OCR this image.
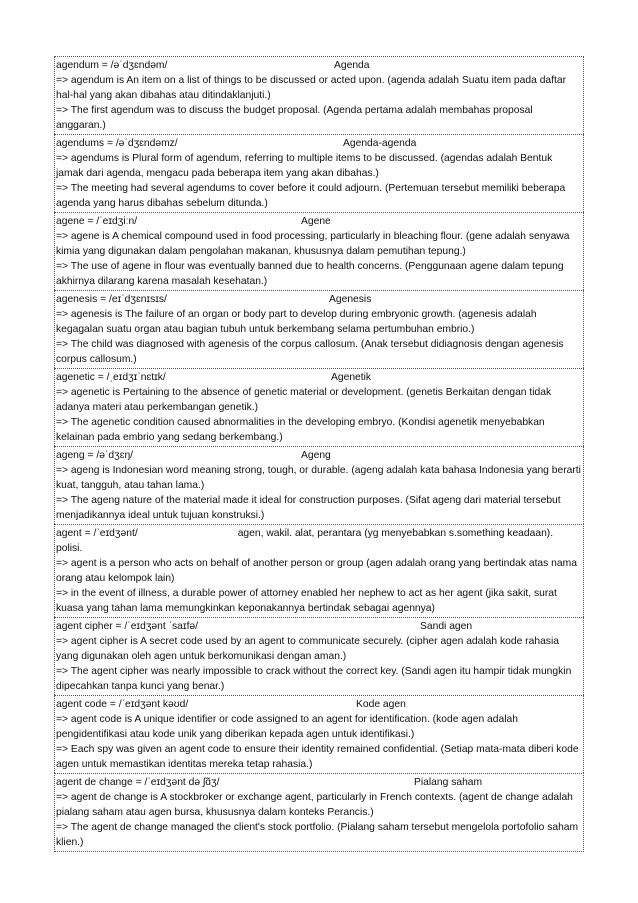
agendum = /əˈdʒɛndəm/	Agenda
=> agendum is An item on a list of things to be discussed or acted upon. (agenda adalah Suatu item pada daftar hal-hal yang akan dibahas atau ditindaklanjuti.)
=> The first agendum was to discuss the budget proposal. (Agenda pertama adalah membahas proposal anggaran.)
agendums = /əˈdʒɛndəmz/	Agenda-agenda
=> agendums is Plural form of agendum, referring to multiple items to be discussed. (agendas adalah Bentuk jamak dari agenda, mengacu pada beberapa item yang akan dibahas.)
=> The meeting had several agendums to cover before it could adjourn. (Pertemuan tersebut memiliki beberapa agenda yang harus dibahas sebelum ditunda.)
agene = /ˈeɪdʒiːn/	Agene
=> agene is A chemical compound used in food processing, particularly in bleaching flour. (gene adalah senyawa kimia yang digunakan dalam pengolahan makanan, khususnya dalam pemutihan tepung.)
=> The use of agene in flour was eventually banned due to health concerns. (Penggunaan agene dalam tepung akhirnya dilarang karena masalah kesehatan.)
agenesis = /eɪˈdʒɛnɪsɪs/	Agenesis
=> agenesis is The failure of an organ or body part to develop during embryonic growth. (agenesis adalah kegagalan suatu organ atau bagian tubuh untuk berkembang selama pertumbuhan embrio.)
=> The child was diagnosed with agenesis of the corpus callosum. (Anak tersebut didiagnosis dengan agenesis corpus callosum.)
agenetic = /ˌeɪdʒɪˈnɛtɪk/	Agenetik
=> agenetic is Pertaining to the absence of genetic material or development. (genetis Berkaitan dengan tidak adanya materi atau perkembangan genetik.)
=> The agenetic condition caused abnormalities in the developing embryo. (Kondisi agenetik menyebabkan kelainan pada embrio yang sedang berkembang.)
ageng = /əˈdʒɛŋ/	Ageng
=> ageng is Indonesian word meaning strong, tough, or durable. (ageng adalah kata bahasa Indonesia yang berarti kuat, tangguh, atau tahan lama.)
=> The ageng nature of the material made it ideal for construction purposes. (Sifat ageng dari material tersebut menjadikannya ideal untuk tujuan konstruksi.)
agent = /ˈeɪdʒənt/	agen, wakil. alat, perantara (yg menyebabkan s.something keadaan). polisi.
=> agent is a person who acts on behalf of another person or group (agen adalah orang yang bertindak atas nama orang atau kelompok lain)
=> in the event of illness, a durable power of attorney enabled her nephew to act as her agent (jika sakit, surat
kuasa yang tahan lama memungkinkan keponakannya bertindak sebagai agennya)
agent cipher = /ˈeɪdʒənt ˈsaɪfə/	Sandi agen
=> agent cipher is A secret code used by an agent to communicate securely. (cipher agen adalah kode rahasia yang digunakan oleh agen untuk berkomunikasi dengan aman.)
=> The agent cipher was nearly impossible to crack without the correct key. (Sandi agen itu hampir tidak mungkin dipecahkan tanpa kunci yang benar.)
agent code = /ˈeɪdʒənt kəʊd/	Kode agen
=> agent code is A unique identifier or code assigned to an agent for identification. (kode agen adalah pengidentifikasi atau kode unik yang diberikan kepada agen untuk identifikasi.)
=> Each spy was given an agent code to ensure their identity remained confidential. (Setiap mata-mata diberi kode agen untuk memastikan identitas mereka tetap rahasia.)
agent de change = /ˈeɪdʒənt də ʃɑ̃ʒ/	Pialang saham
=> agent de change is A stockbroker or exchange agent, particularly in French contexts. (agent de change adalah pialang saham atau agen bursa, khususnya dalam konteks Perancis.)
=> The agent de change managed the client's stock portfolio. (Pialang saham tersebut mengelola portofolio saham klien.)
